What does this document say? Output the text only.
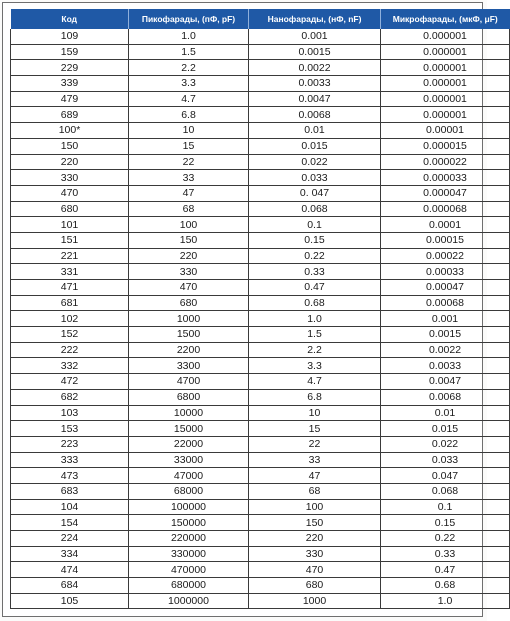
Код	Пикофарады, (пФ, pF)	Нанофарады, (нФ, nF)	Микрофарады, (мкФ, μF)
109	1.0	0.001	0.000001
159	1.5	0.0015	0.000001
229	2.2	0.0022	0.000001
339	3.3	0.0033	0.000001
479	4.7	0.0047	0.000001
689	6.8	0.0068	0.000001
100*	10	0.01	0.00001
150	15	0.015	0.000015
220	22	0.022	0.000022
330	33	0.033	0.000033
470	47	0. 047	0.000047
680	68	0.068	0.000068
101	100	0.1	0.0001
151	150	0.15	0.00015
221	220	0.22	0.00022
331	330	0.33	0.00033
471	470	0.47	0.00047
681	680	0.68	0.00068
102	1000	1.0	0.001
152	1500	1.5	0.0015
222	2200	2.2	0.0022
332	3300	3.3	0.0033
472	4700	4.7	0.0047
682	6800	6.8	0.0068
103	10000	10	0.01
153	15000	15	0.015
223	22000	22	0.022
333	33000	33	0.033
473	47000	47	0.047
683	68000	68	0.068
104	100000	100	0.1
154	150000	150	0.15
224	220000	220	0.22
334	330000	330	0.33
474	470000	470	0.47
684	680000	680	0.68
105	1000000	1000	1.0
